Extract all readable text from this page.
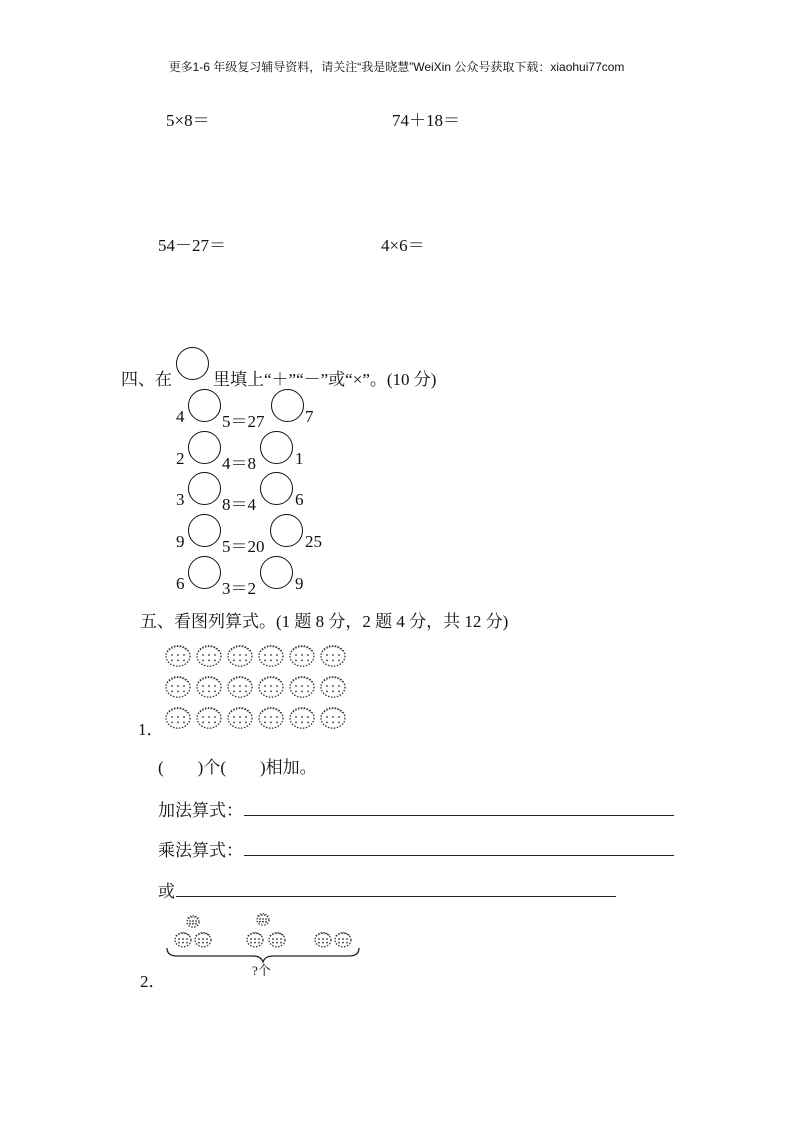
更多1-6 年级复习辅导资料，请关注“我是晓慧”WeiXin 公众号获取下载：xiaohui77com
5×8＝	74＋18＝
54－27＝	4×6＝
四、在 里填上“＋”“－”或“×”。(10 分)
4 5＝27 7
2 4＝8 1
3 8＝4 6
9 5＝20 25
6 3＝2 9
五、看图列算式。(1 题 8 分，2 题 4 分，共 12 分)
1．
(　　)个(　　)相加。
加法算式：
乘法算式：
或
?个
2．
